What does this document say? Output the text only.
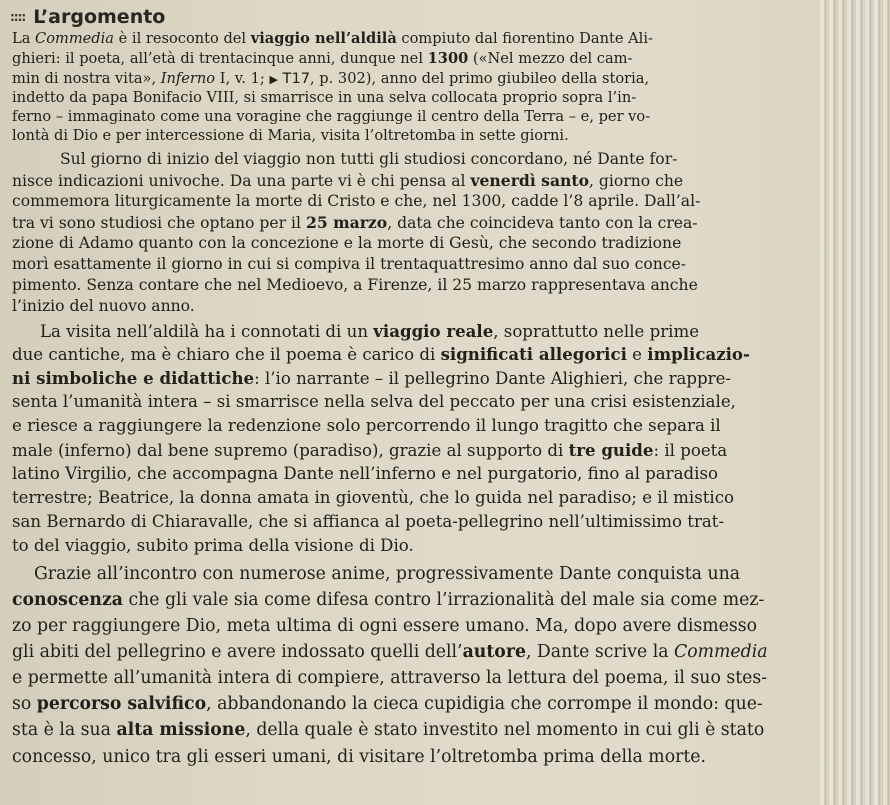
:::: L’argomento
La Commedia è il resoconto del viaggio nell’aldilà compiuto dal fiorentino Dante Ali-
ghieri: il poeta, all’età di trentacinque anni, dunque nel 1300 («Nel mezzo del cam-
min di nostra vita», Inferno I, v. 1; ▶ T17, p. 302), anno del primo giubileo della storia,
indetto da papa Bonifacio VIII, si smarrisce in una selva collocata proprio sopra l’in-
ferno – immaginato come una voragine che raggiunge il centro della Terra – e, per vo-
lontà di Dio e per intercessione di Maria, visita l’oltretomba in sette giorni.
Sul giorno di inizio del viaggio non tutti gli studiosi concordano, né Dante for-
nisce indicazioni univoche. Da una parte vi è chi pensa al venerdì santo, giorno che
commemora liturgicamente la morte di Cristo e che, nel 1300, cadde l’8 aprile. Dall’al-
tra vi sono studiosi che optano per il 25 marzo, data che coincideva tanto con la crea-
zione di Adamo quanto con la concezione e la morte di Gesù, che secondo tradizione
morì esattamente il giorno in cui si compiva il trentaquattresimo anno dal suo conce-
pimento. Senza contare che nel Medioevo, a Firenze, il 25 marzo rappresentava anche
l’inizio del nuovo anno.
La visita nell’aldilà ha i connotati di un viaggio reale, soprattutto nelle prime
due cantiche, ma è chiaro che il poema è carico di significati allegorici e implicazio-
ni simboliche e didattiche: l’io narrante – il pellegrino Dante Alighieri, che rappre-
senta l’umanità intera – si smarrisce nella selva del peccato per una crisi esistenziale,
e riesce a raggiungere la redenzione solo percorrendo il lungo tragitto che separa il
male (inferno) dal bene supremo (paradiso), grazie al supporto di tre guide: il poeta
latino Virgilio, che accompagna Dante nell’inferno e nel purgatorio, fino al paradiso
terrestre; Beatrice, la donna amata in gioventù, che lo guida nel paradiso; e il mistico
san Bernardo di Chiaravalle, che si affianca al poeta-pellegrino nell’ultimissimo trat-
to del viaggio, subito prima della visione di Dio.
Grazie all’incontro con numerose anime, progressivamente Dante conquista una
conoscenza che gli vale sia come difesa contro l’irrazionalità del male sia come mez-
zo per raggiungere Dio, meta ultima di ogni essere umano. Ma, dopo avere dismesso
gli abiti del pellegrino e avere indossato quelli dell’autore, Dante scrive la Commedia
e permette all’umanità intera di compiere, attraverso la lettura del poema, il suo stes-
so percorso salvifico, abbandonando la cieca cupidigia che corrompe il mondo: que-
sta è la sua alta missione, della quale è stato investito nel momento in cui gli è stato
concesso, unico tra gli esseri umani, di visitare l’oltretomba prima della morte.
